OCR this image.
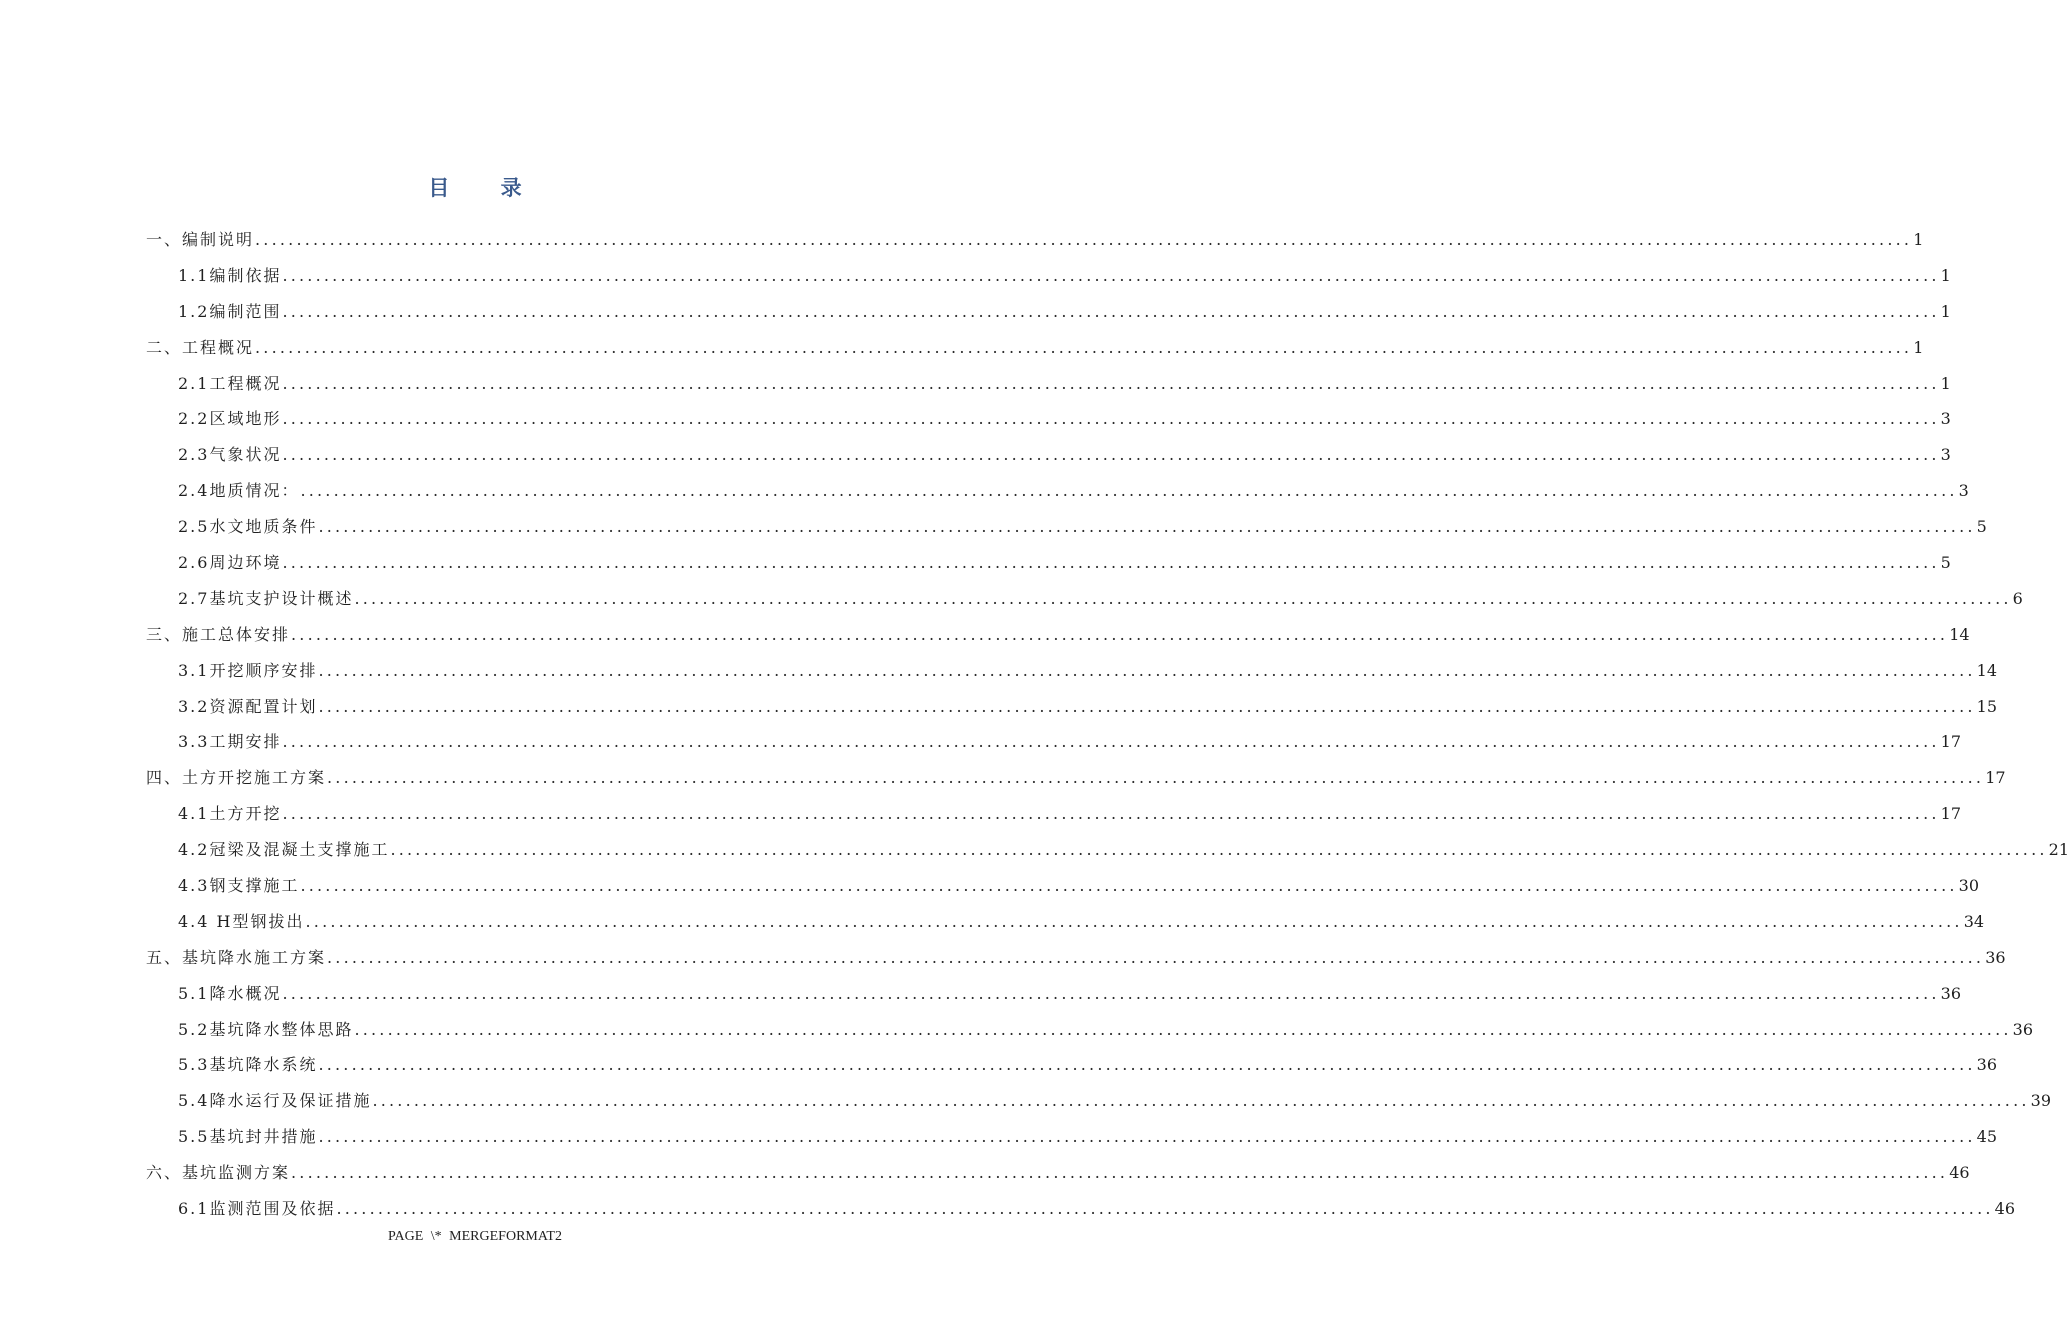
目 录
一、编制说明 ........................................................................................................................................................................................................ 1
1.1编制依据 ........................................................................................................................................................................................................ 1
1.2编制范围 ........................................................................................................................................................................................................ 1
二、工程概况 ........................................................................................................................................................................................................ 1
2.1工程概况 ........................................................................................................................................................................................................ 1
2.2区域地形 ........................................................................................................................................................................................................ 3
2.3气象状况 ........................................................................................................................................................................................................ 3
2.4地质情况： ........................................................................................................................................................................................................ 3
2.5水文地质条件 ........................................................................................................................................................................................................ 5
2.6周边环境 ........................................................................................................................................................................................................ 5
2.7基坑支护设计概述 ........................................................................................................................................................................................................ 6
三、施工总体安排 ........................................................................................................................................................................................................ 14
3.1开挖顺序安排 ........................................................................................................................................................................................................ 14
3.2资源配置计划 ........................................................................................................................................................................................................ 15
3.3工期安排 ........................................................................................................................................................................................................ 17
四、土方开挖施工方案 ........................................................................................................................................................................................................ 17
4.1土方开挖 ........................................................................................................................................................................................................ 17
4.2冠梁及混凝土支撑施工 ........................................................................................................................................................................................................ 21
4.3钢支撑施工 ........................................................................................................................................................................................................ 30
4.4 H型钢拔出 ........................................................................................................................................................................................................ 34
五、基坑降水施工方案 ........................................................................................................................................................................................................ 36
5.1降水概况 ........................................................................................................................................................................................................ 36
5.2基坑降水整体思路 ........................................................................................................................................................................................................ 36
5.3基坑降水系统 ........................................................................................................................................................................................................ 36
5.4降水运行及保证措施 ........................................................................................................................................................................................................ 39
5.5基坑封井措施 ........................................................................................................................................................................................................ 45
六、基坑监测方案 ........................................................................................................................................................................................................ 46
6.1监测范围及依据 ........................................................................................................................................................................................................ 46
PAGE \* MERGEFORMAT2
